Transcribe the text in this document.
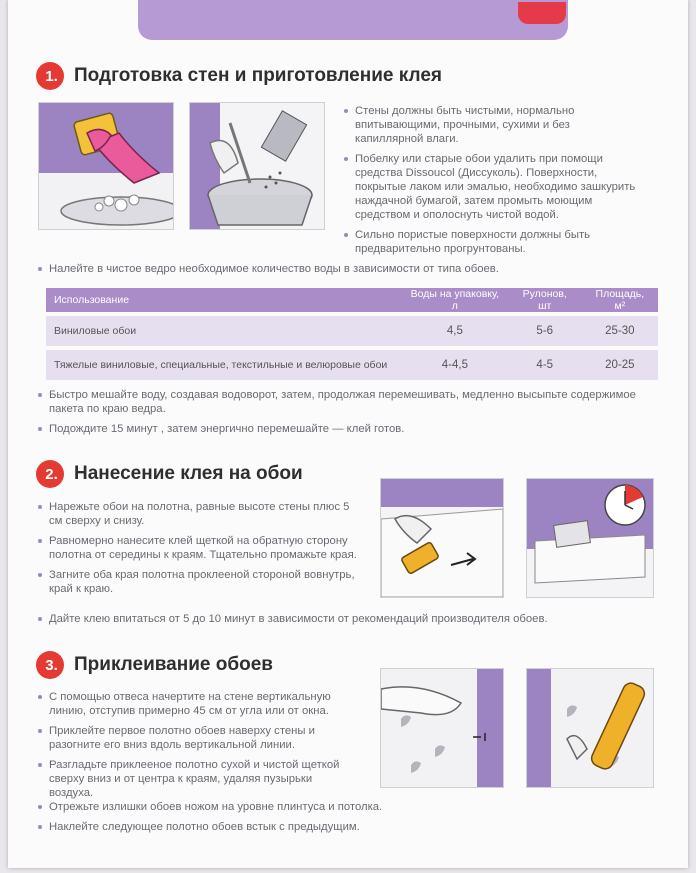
1. Подготовка стен и приготовление клея
Стены должны быть чистыми, нормально впитывающими, прочными, сухими и без капиллярной влаги.
Побелку или старые обои удалить при помощи средства Dissoucol (Диссуколь). Поверхности, покрытые лаком или эмалью, необходимо зашкурить наждачной бумагой, затем промыть моющим средством и ополоснуть чистой водой.
Сильно пористые поверхности должны быть предварительно прогрунтованы.
Налейте в чистое ведро необходимое количество воды в зависимости от типа обоев.
Использование	Воды на упаковку, л	Рулонов, шт	Площадь, м²
Виниловые обои	4,5	5-6	25-30
Тяжелые виниловые, специальные, текстильные и велюровые обои	4-4,5	4-5	20-25
Быстро мешайте воду, создавая водоворот, затем, продолжая перемешивать, медленно высыпьте содержимое пакета по краю ведра.
Подождите 15 минут , затем энергично перемешайте — клей готов.
2. Нанесение клея на обои
Нарежьте обои на полотна, равные высоте стены плюс 5 см сверху и снизу.
Равномерно нанесите клей щеткой на обратную сторону полотна от середины к краям. Тщательно промажьте края.
Загните оба края полотна проклееной стороной вовнутрь, край к краю.
Дайте клею впитаться от 5 до 10 минут в зависимости от рекомендаций производителя обоев.
3. Приклеивание обоев
С помощью отвеса начертите на стене вертикальную линию, отступив примерно 45 см от угла или от окна.
Приклейте первое полотно обоев наверху стены и разогните его вниз вдоль вертикальной линии.
Разгладьте приклееное полотно сухой и чистой щеткой сверху вниз и от центра к краям, удаляя пузырьки воздуха.
Отрежьте излишки обоев ножом на уровне плинтуса и потолка.
Наклейте следующее полотно обоев встык с предыдущим.
